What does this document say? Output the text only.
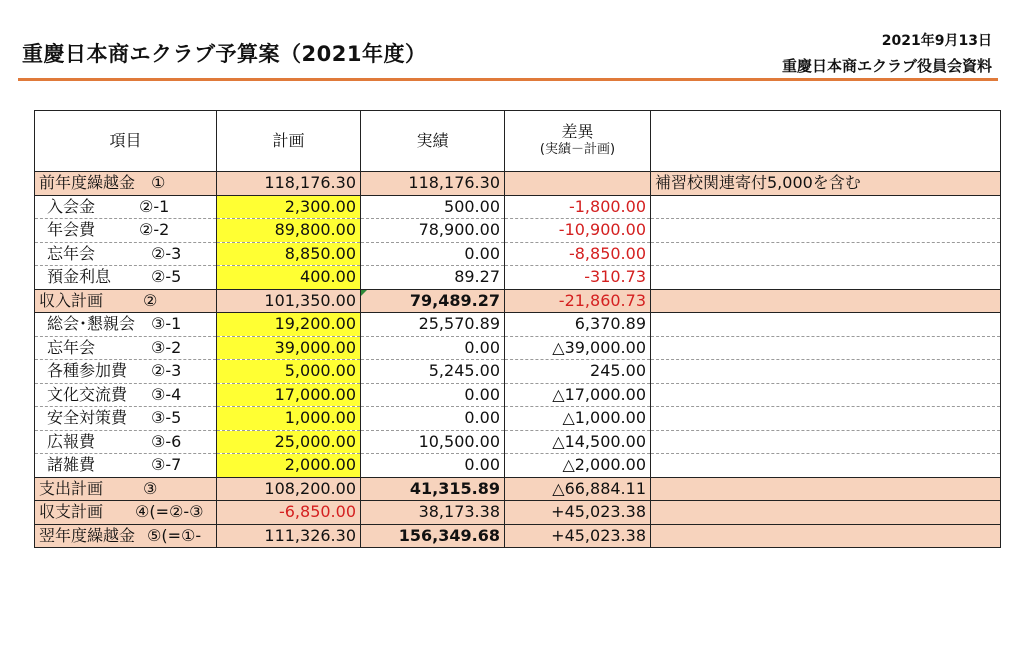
重慶日本商エクラブ予算案（2021年度）
2021年9月13日
重慶日本商エクラブ役員会資料
項目	計画	実績	差異
(実績－計画)	

前年度繰越金 ①	118,176.30	118,176.30		補習校関連寄付5,000を含む
入会金 ②-1	2,300.00	500.00	-1,800.00	
年会費 ②-2	89,800.00	78,900.00	-10,900.00	
忘年会 ②-3	8,850.00	0.00	-8,850.00	
預金利息 ②-5	400.00	89.27	-310.73	
収入計画 ②	101,350.00	79,489.27	-21,860.73	
総会･懇親会 ③-1	19,200.00	25,570.89	6,370.89	
忘年会 ③-2	39,000.00	0.00	△39,000.00	
各種参加費 ②-3	5,000.00	5,245.00	245.00	
文化交流費 ③-4	17,000.00	0.00	△17,000.00	
安全対策費 ③-5	1,000.00	0.00	△1,000.00	
広報費 ③-6	25,000.00	10,500.00	△14,500.00	
諸雑費 ③-7	2,000.00	0.00	△2,000.00	
支出計画 ③	108,200.00	41,315.89	△66,884.11	
収支計画 ④(=②-③	-6,850.00	38,173.38	+45,023.38	
翌年度繰越金 ⑤(=①-	111,326.30	156,349.68	+45,023.38	
